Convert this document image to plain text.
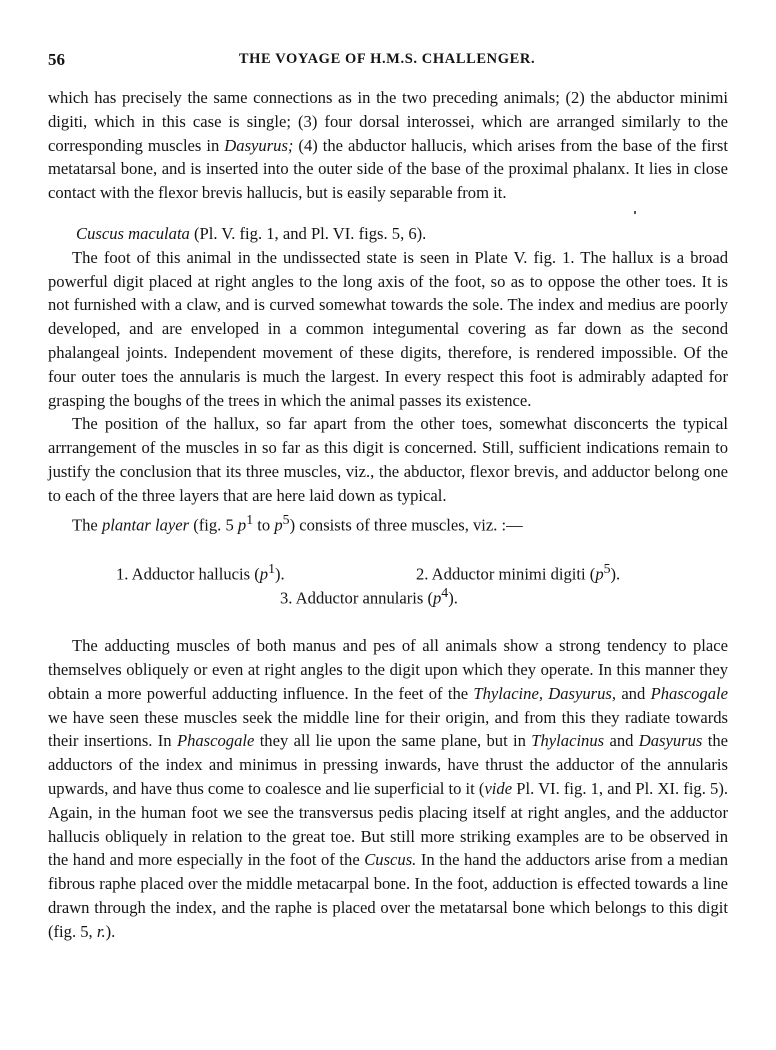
56	THE VOYAGE OF H.M.S. CHALLENGER.

which has precisely the same connections as in the two preceding animals; (2) the abductor minimi digiti, which in this case is single; (3) four dorsal interossei, which are arranged similarly to the corresponding muscles in Dasyurus; (4) the abductor hallucis, which arises from the base of the first metatarsal bone, and is inserted into the outer side of the base of the proximal phalanx. It lies in close contact with the flexor brevis hallucis, but is easily separable from it.

Cuscus maculata (Pl. V. fig. 1, and Pl. VI. figs. 5, 6).

The foot of this animal in the undissected state is seen in Plate V. fig. 1. The hallux is a broad powerful digit placed at right angles to the long axis of the foot, so as to oppose the other toes. It is not furnished with a claw, and is curved somewhat towards the sole. The index and medius are poorly developed, and are enveloped in a common integumental covering as far down as the second phalangeal joints. Independent movement of these digits, therefore, is rendered impossible. Of the four outer toes the annularis is much the largest. In every respect this foot is admirably adapted for grasping the boughs of the trees in which the animal passes its existence.

The position of the hallux, so far apart from the other toes, somewhat disconcerts the typical arrrangement of the muscles in so far as this digit is concerned. Still, sufficient indications remain to justify the conclusion that its three muscles, viz., the abductor, flexor brevis, and adductor belong one to each of the three layers that are here laid down as typical.

The plantar layer (fig. 5 $p^1$ to $p^5$) consists of three muscles, viz. :—

1. Adductor hallucis $(p^1)$.	2. Adductor minimi digiti $(p^5)$.
3. Adductor annularis $(p^4)$.

The adducting muscles of both manus and pes of all animals show a strong tendency to place themselves obliquely or even at right angles to the digit upon which they operate. In this manner they obtain a more powerful adducting influence. In the feet of the Thylacine, Dasyurus, and Phascogale we have seen these muscles seek the middle line for their origin, and from this they radiate towards their insertions. In Phascogale they all lie upon the same plane, but in Thylacinus and Dasyurus the adductors of the index and minimus in pressing inwards, have thrust the adductor of the annularis upwards, and have thus come to coalesce and lie superficial to it (vide Pl. VI. fig. 1, and Pl. XI. fig. 5). Again, in the human foot we see the transversus pedis placing itself at right angles, and the adductor hallucis obliquely in relation to the great toe. But still more striking examples are to be observed in the hand and more especially in the foot of the Cuscus. In the hand the adductors arise from a median fibrous raphe placed over the middle metacarpal bone. In the foot, adduction is effected towards a line drawn through the index, and the raphe is placed over the metatarsal bone which belongs to this digit (fig. 5, r.).
